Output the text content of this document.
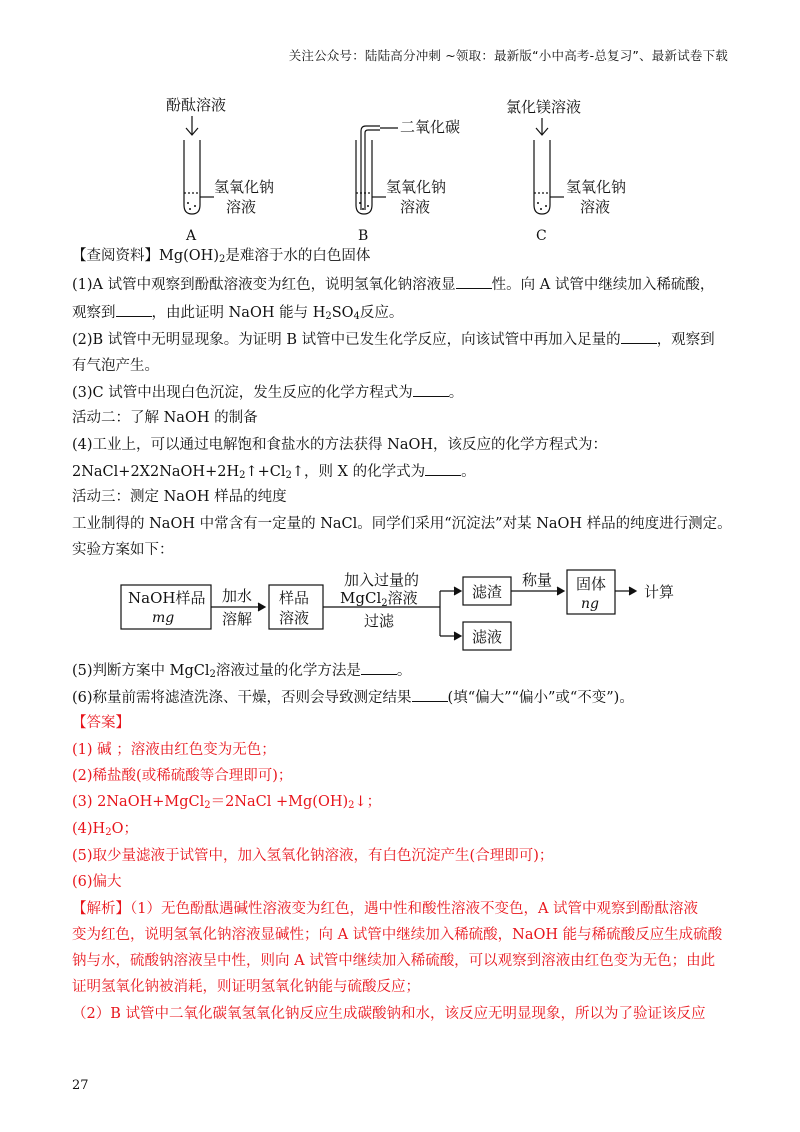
关注公众号：陆陆高分冲刺 ~领取：最新版“小中高考-总复习”、最新试卷下载
酚酞溶液
氢氧化钠
溶液
A
二氧化碳
氢氧化钠
溶液
B
氯化镁溶液
氢氧化钠
溶液
C
【查阅资料】$Mg(OH)_2$是难溶于水的白色固体
(1)A 试管中观察到酚酞溶液变为红色，说明氢氧化钠溶液显 性。向 A 试管中继续加入稀硫酸，
观察到 ，由此证明 NaOH 能与 $H_2SO_4$反应。
(2)B 试管中无明显现象。为证明 B 试管中已发生化学反应，向该试管中再加入足量的 ，观察到
有气泡产生。
(3)C 试管中出现白色沉淀，发生反应的化学方程式为 。
活动二：了解 NaOH 的制备
(4)工业上，可以通过电解饱和食盐水的方法获得 NaOH，该反应的化学方程式为：
$2NaCl+2X2NaOH+2H_2↑+Cl_2↑$，则 X 的化学式为 。
活动三：测定 NaOH 样品的纯度
工业制得的 NaOH 中常含有一定量的 NaCl。同学们采用“沉淀法”对某 NaOH 样品的纯度进行测定。
实验方案如下：
NaOH样品
mg
加水
溶解
样品
溶液
加入过量的
MgCl$_2$溶液
过滤
滤渣
滤液
称量 固体
ng
计算
(5)判断方案中 MgCl$_2$溶液过量的化学方法是 。
(6)称量前需将滤渣洗涤、干燥，否则会导致测定结果 (填“偏大”“偏小”或“不变”)。
【答案】
(1) 碱 ；溶液由红色变为无色；
(2)稀盐酸(或稀硫酸等合理即可)；
(3) 2NaOH+MgCl$_2$＝2NaCl $+Mg(OH)_2↓$；
$(4)H_2O$；
(5)取少量滤液于试管中，加入氢氧化钠溶液，有白色沉淀产生(合理即可)；
(6)偏大
【解析】（1）无色酚酞遇碱性溶液变为红色，遇中性和酸性溶液不变色，A 试管中观察到酚酞溶液
变为红色，说明氢氧化钠溶液显碱性；向 A 试管中继续加入稀硫酸，NaOH 能与稀硫酸反应生成硫酸
钠与水，硫酸钠溶液呈中性，则向 A 试管中继续加入稀硫酸，可以观察到溶液由红色变为无色；由此
证明氢氧化钠被消耗，则证明氢氧化钠能与硫酸反应；
（2）B 试管中二氧化碳氧氢氧化钠反应生成碳酸钠和水，该反应无明显现象，所以为了验证该反应
27
